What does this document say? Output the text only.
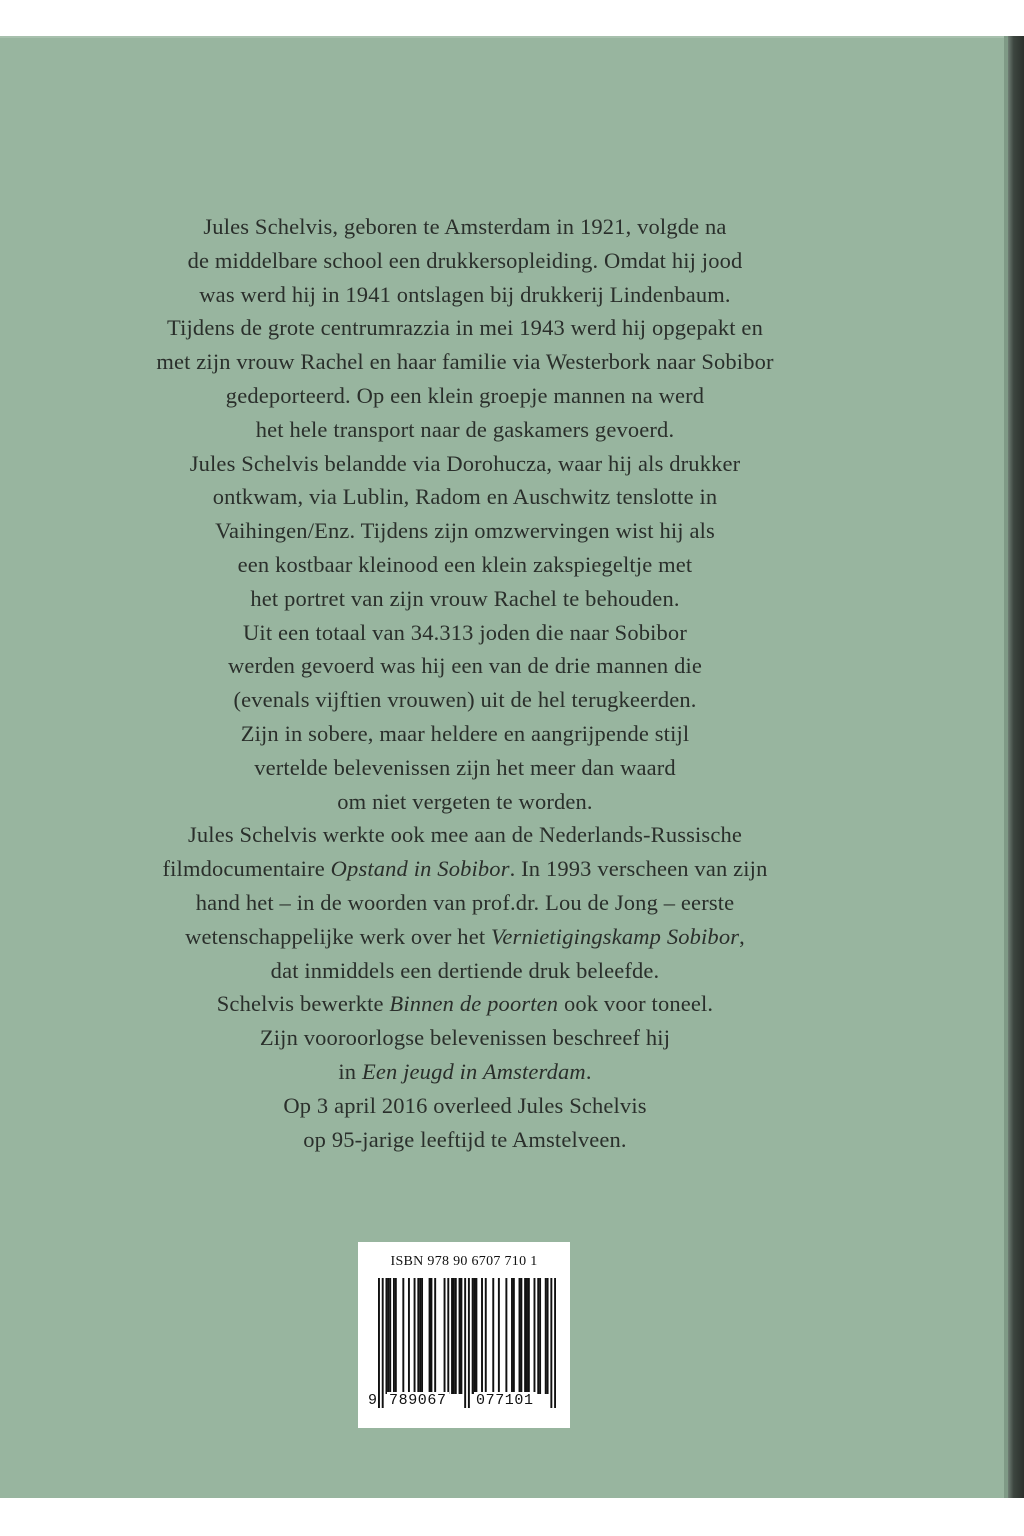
Jules Schelvis, geboren te Amsterdam in 1921, volgde na
de middelbare school een drukkersopleiding. Omdat hij jood
was werd hij in 1941 ontslagen bij drukkerij Lindenbaum.
Tijdens de grote centrumrazzia in mei 1943 werd hij opgepakt en
met zijn vrouw Rachel en haar familie via Westerbork naar Sobibor
gedeporteerd. Op een klein groepje mannen na werd
het hele transport naar de gaskamers gevoerd.
Jules Schelvis belandde via Dorohucza, waar hij als drukker
ontkwam, via Lublin, Radom en Auschwitz tenslotte in
Vaihingen/Enz. Tijdens zijn omzwervingen wist hij als
een kostbaar kleinood een klein zakspiegeltje met
het portret van zijn vrouw Rachel te behouden.
Uit een totaal van 34.313 joden die naar Sobibor
werden gevoerd was hij een van de drie mannen die
(evenals vijftien vrouwen) uit de hel terugkeerden.
Zijn in sobere, maar heldere en aangrijpende stijl
vertelde belevenissen zijn het meer dan waard
om niet vergeten te worden.
Jules Schelvis werkte ook mee aan de Nederlands-Russische
filmdocumentaire Opstand in Sobibor. In 1993 verscheen van zijn
hand het – in de woorden van prof.dr. Lou de Jong – eerste
wetenschappelijke werk over het Vernietigingskamp Sobibor,
dat inmiddels een dertiende druk beleefde.
Schelvis bewerkte Binnen de poorten ook voor toneel.
Zijn vooroorlogse belevenissen beschreef hij
in Een jeugd in Amsterdam.
Op 3 april 2016 overleed Jules Schelvis
op 95-jarige leeftijd te Amstelveen.
ISBN 978 90 6707 710 1
9 789067 077101
